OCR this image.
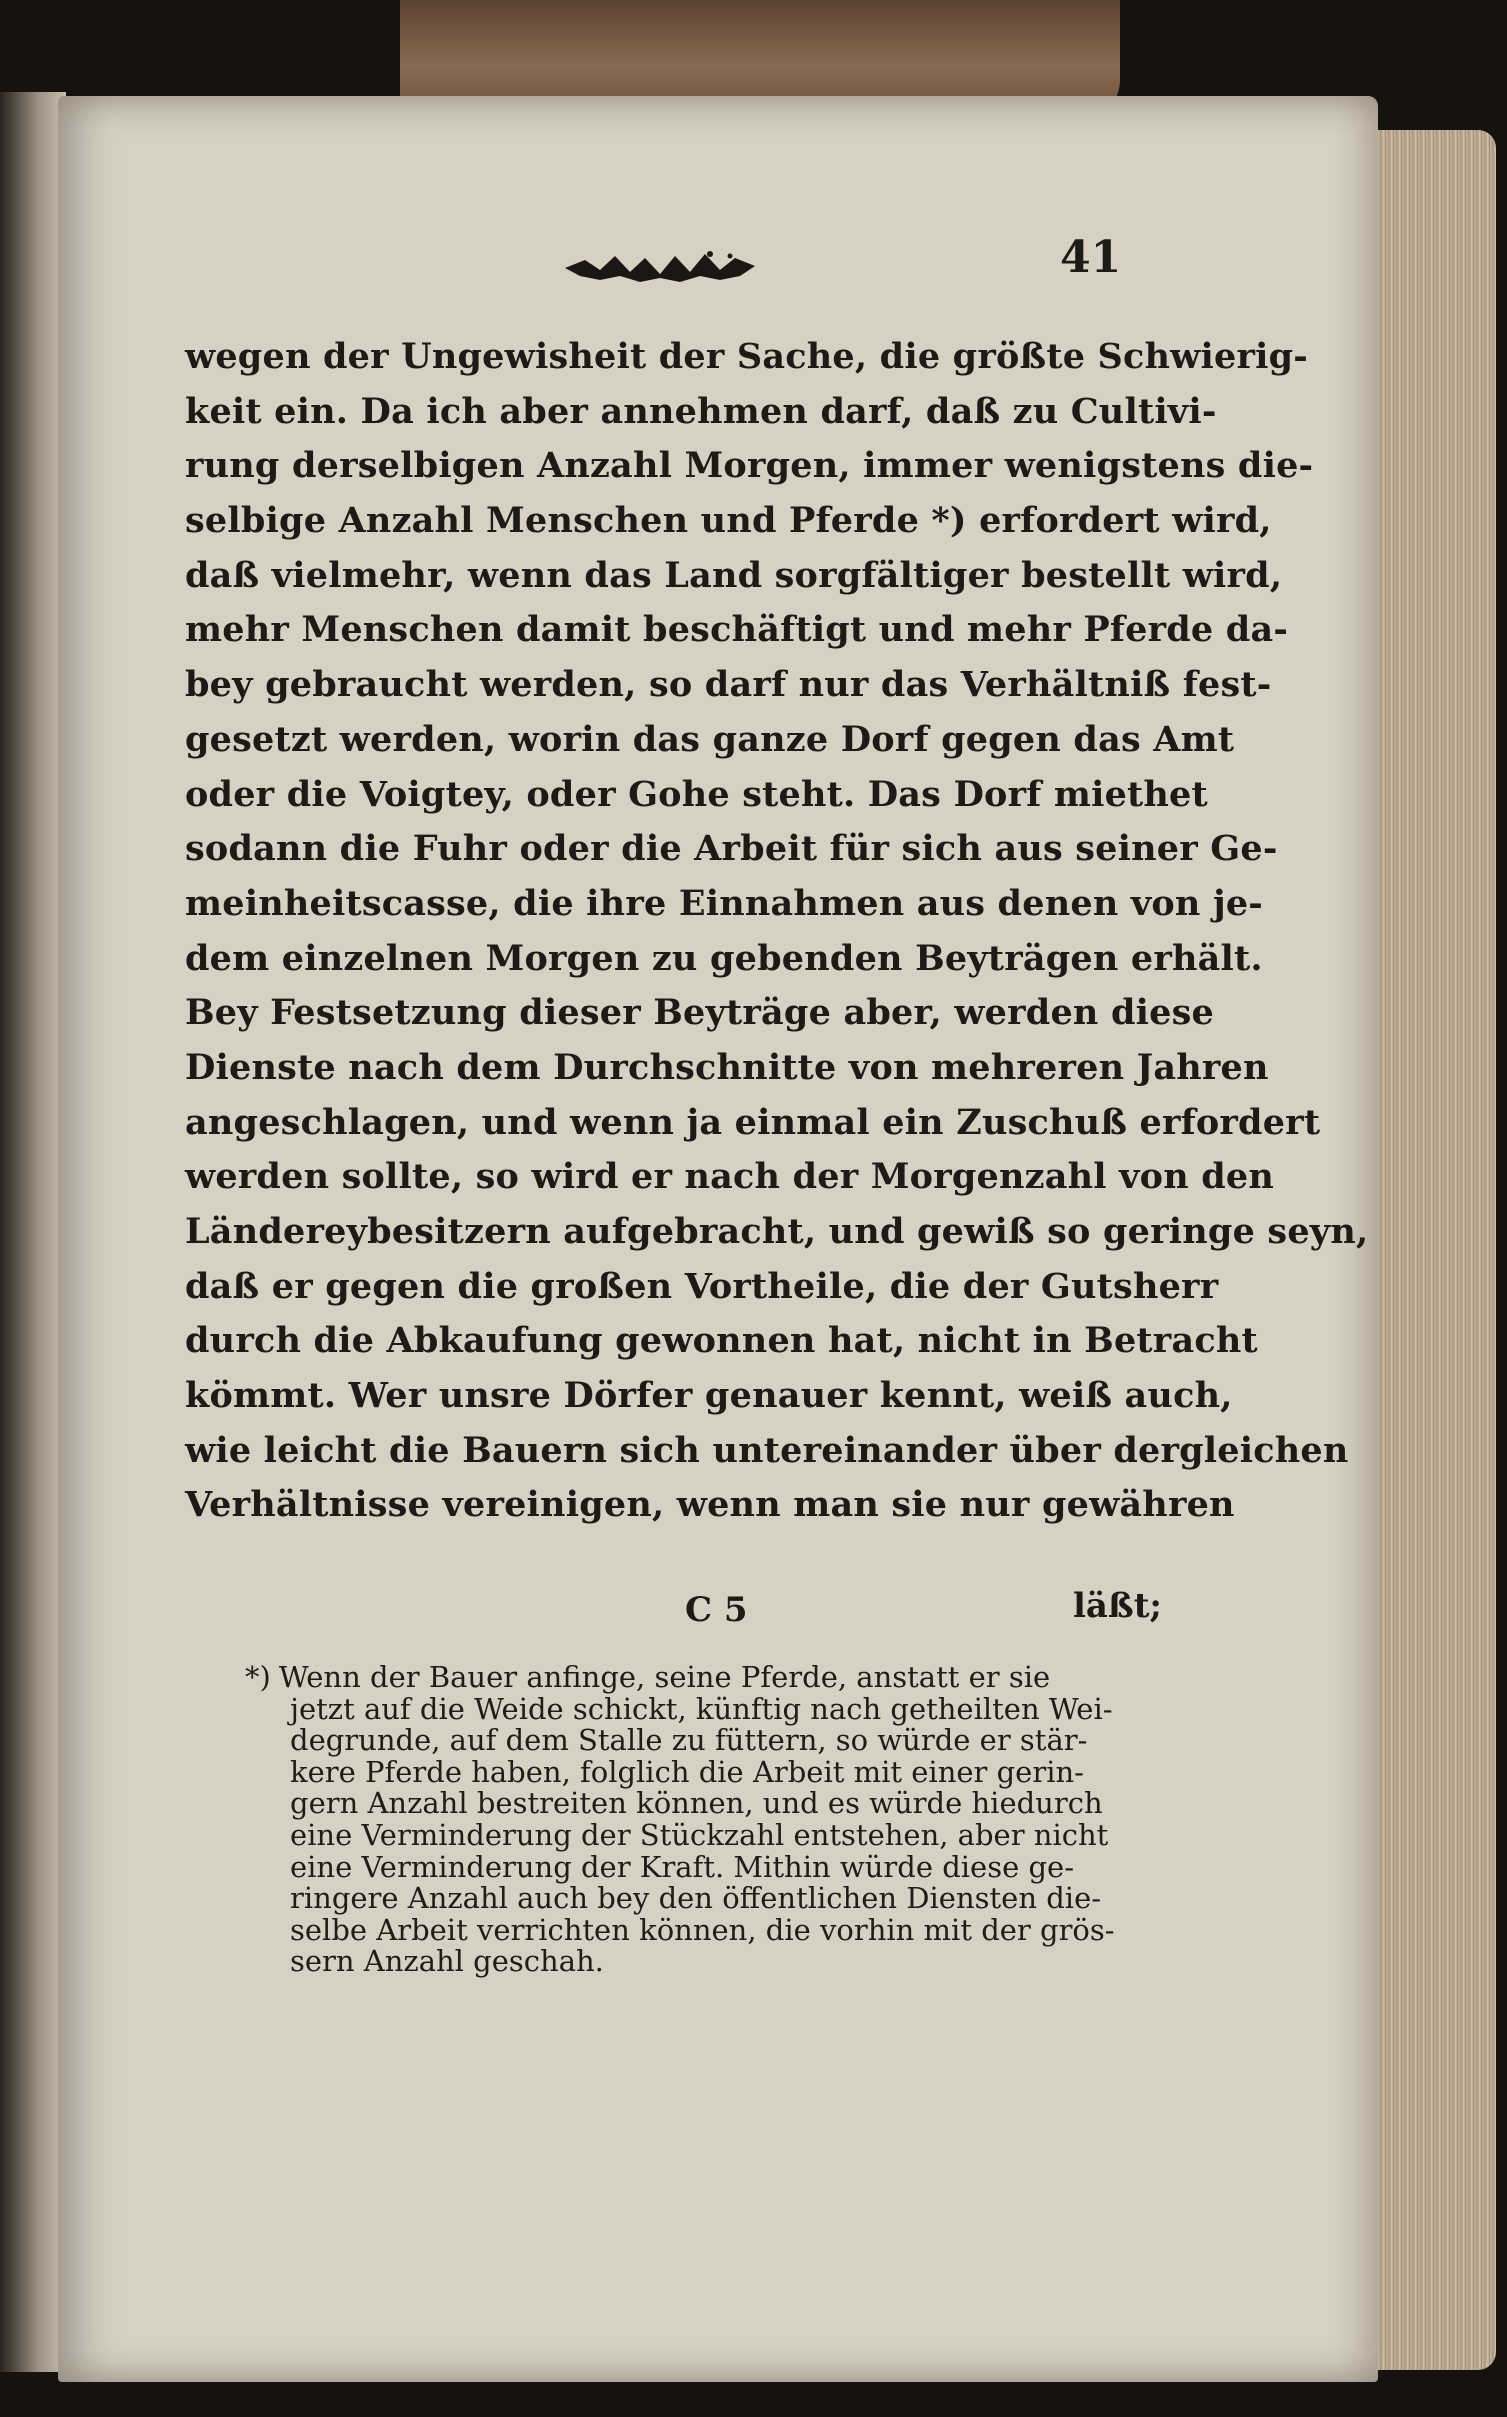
41
wegen der Ungewisheit der Sache, die größte Schwierig-
keit ein. Da ich aber annehmen darf, daß zu Cultivi-
rung derselbigen Anzahl Morgen, immer wenigstens die-
selbige Anzahl Menschen und Pferde *) erfordert wird,
daß vielmehr, wenn das Land sorgfältiger bestellt wird,
mehr Menschen damit beschäftigt und mehr Pferde da-
bey gebraucht werden, so darf nur das Verhältniß fest-
gesetzt werden, worin das ganze Dorf gegen das Amt
oder die Voigtey, oder Gohe steht. Das Dorf miethet
sodann die Fuhr oder die Arbeit für sich aus seiner Ge-
meinheitscasse, die ihre Einnahmen aus denen von je-
dem einzelnen Morgen zu gebenden Beyträgen erhält.
Bey Festsetzung dieser Beyträge aber, werden diese
Dienste nach dem Durchschnitte von mehreren Jahren
angeschlagen, und wenn ja einmal ein Zuschuß erfordert
werden sollte, so wird er nach der Morgenzahl von den
Ländereybesitzern aufgebracht, und gewiß so geringe seyn,
daß er gegen die großen Vortheile, die der Gutsherr
durch die Abkaufung gewonnen hat, nicht in Betracht
kömmt. Wer unsre Dörfer genauer kennt, weiß auch,
wie leicht die Bauern sich untereinander über dergleichen
Verhältnisse vereinigen, wenn man sie nur gewähren
C 5	läßt;
*) Wenn der Bauer anfinge, seine Pferde, anstatt er sie
jetzt auf die Weide schickt, künftig nach getheilten Wei-
degrunde, auf dem Stalle zu füttern, so würde er stär-
kere Pferde haben, folglich die Arbeit mit einer gerin-
gern Anzahl bestreiten können, und es würde hiedurch
eine Verminderung der Stückzahl entstehen, aber nicht
eine Verminderung der Kraft. Mithin würde diese ge-
ringere Anzahl auch bey den öffentlichen Diensten die-
selbe Arbeit verrichten können, die vorhin mit der grös-
sern Anzahl geschah.
